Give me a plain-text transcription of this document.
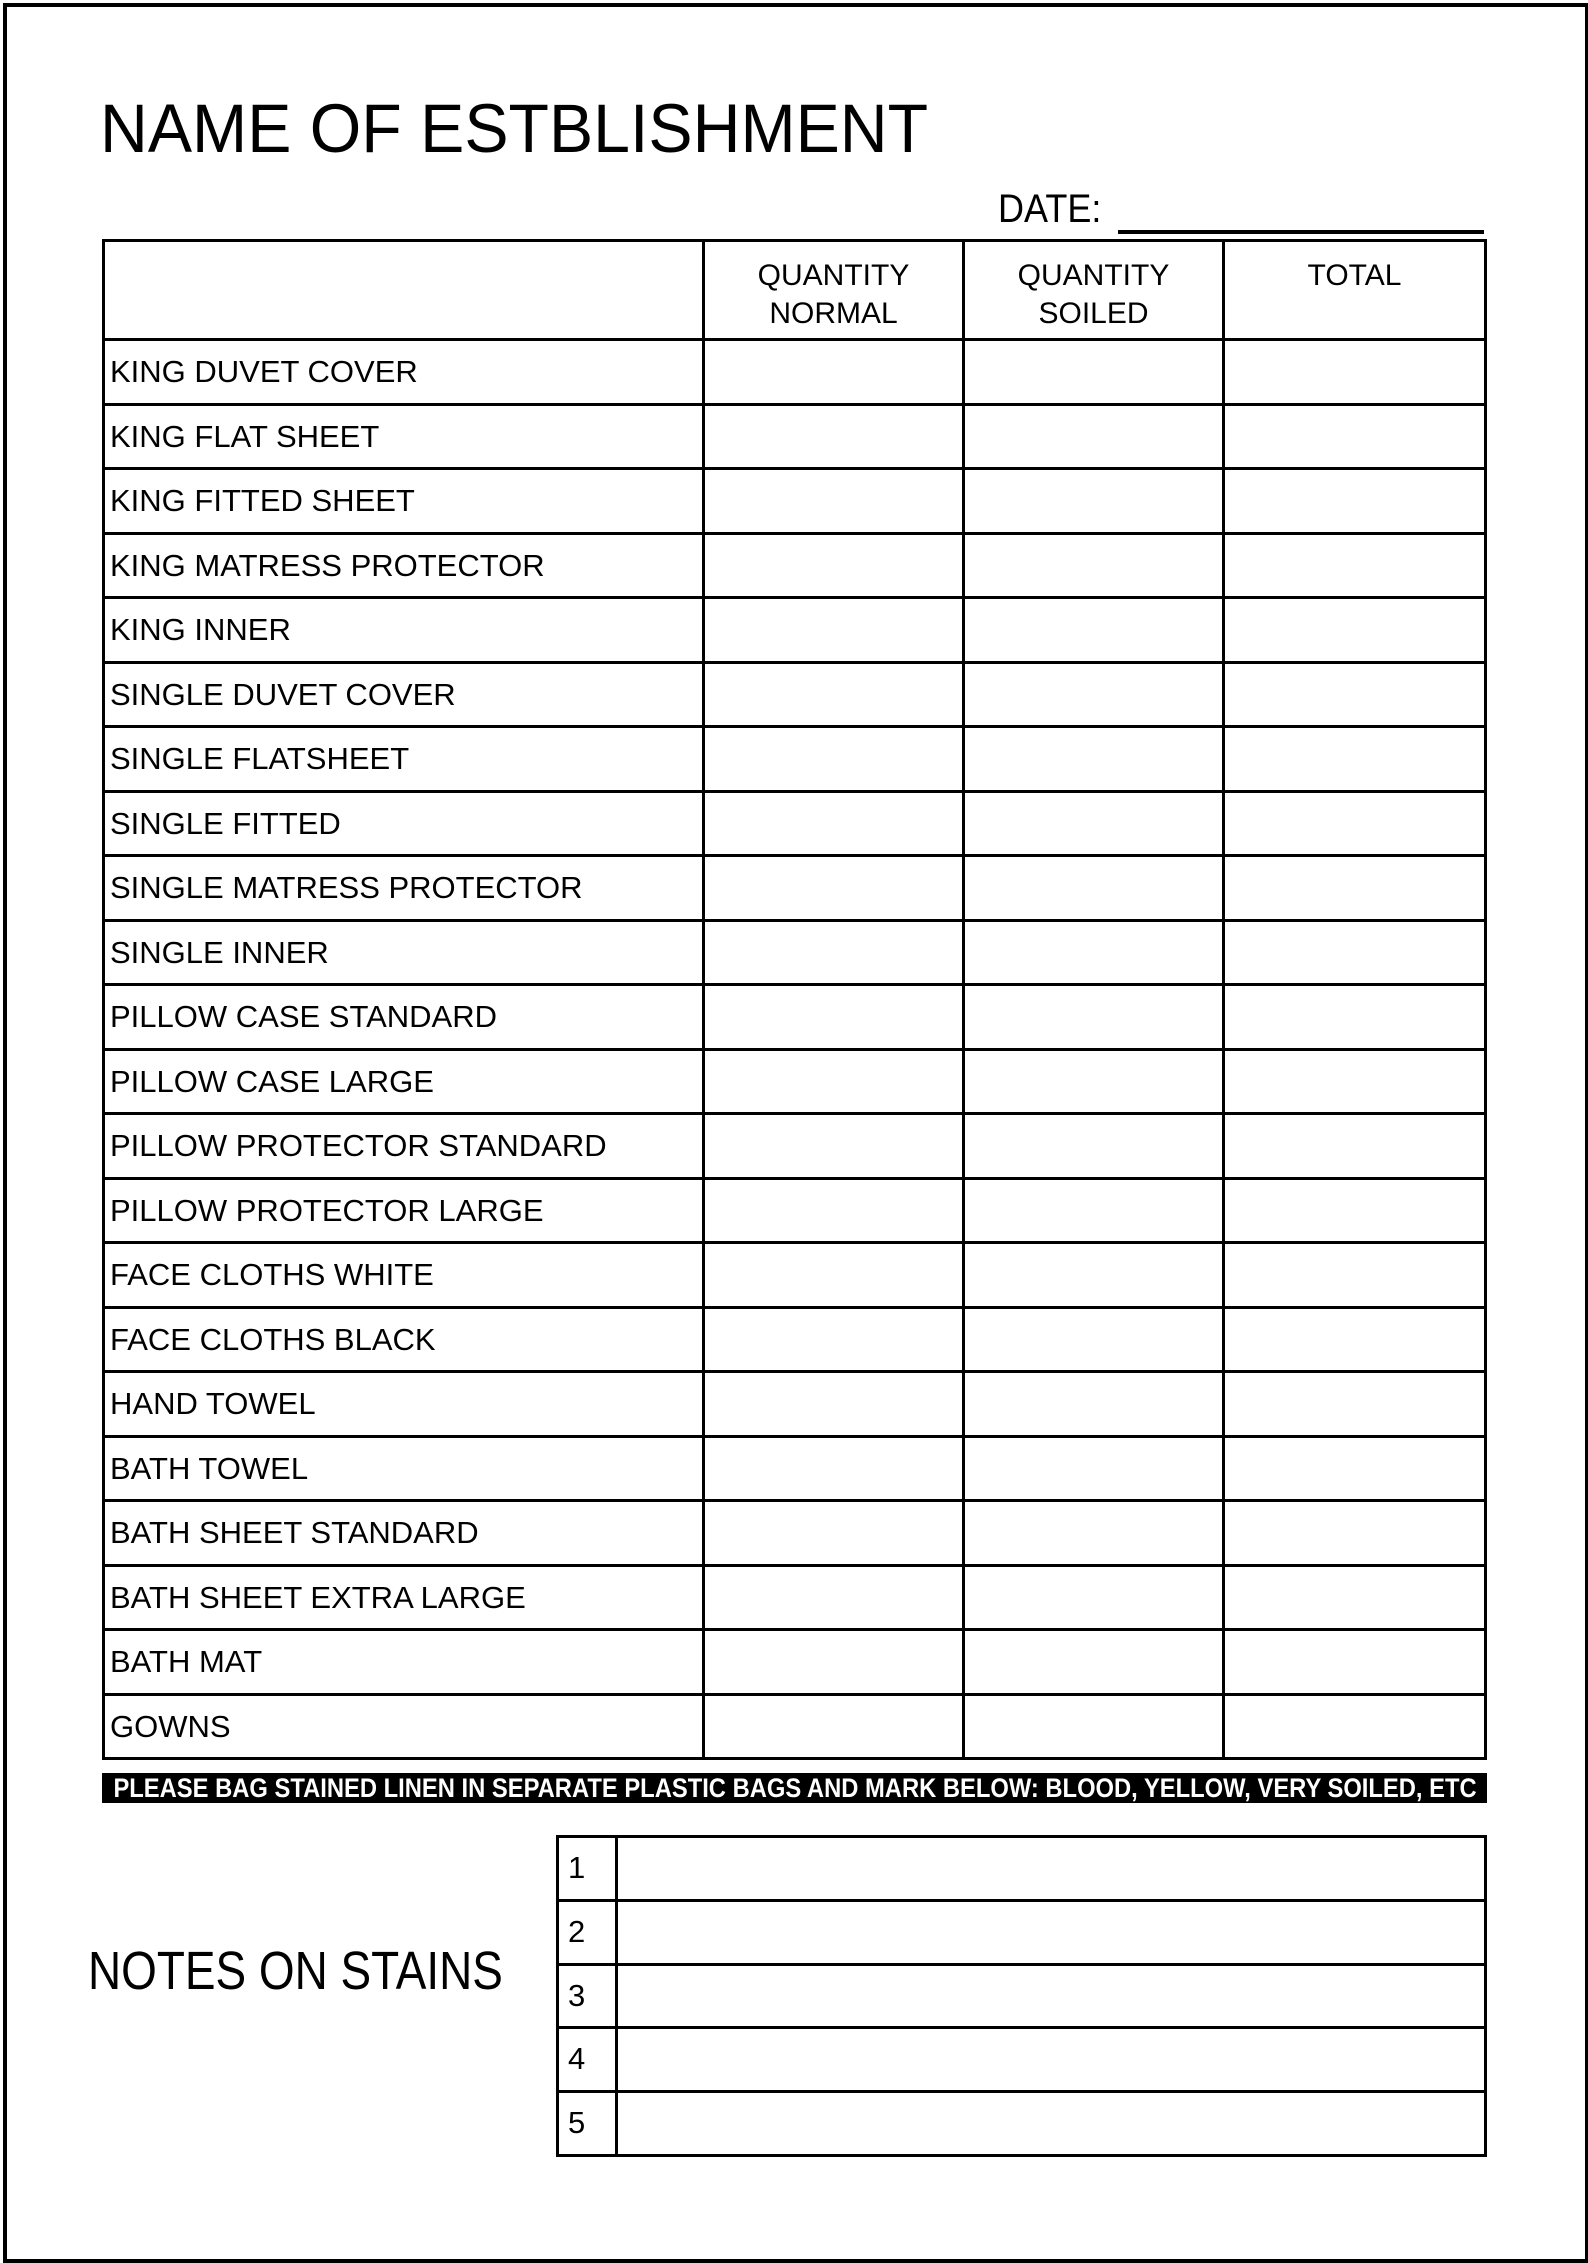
NAME OF ESTBLISHMENT
DATE:
QUANTITY NORMAL
QUANTITY SOILED
TOTAL
KING DUVET COVER
KING FLAT SHEET
KING FITTED SHEET
KING MATRESS PROTECTOR
KING INNER
SINGLE DUVET COVER
SINGLE FLATSHEET
SINGLE FITTED
SINGLE MATRESS PROTECTOR
SINGLE INNER
PILLOW CASE STANDARD
PILLOW CASE LARGE
PILLOW PROTECTOR STANDARD
PILLOW PROTECTOR LARGE
FACE CLOTHS WHITE
FACE CLOTHS BLACK
HAND TOWEL
BATH TOWEL
BATH SHEET STANDARD
BATH SHEET EXTRA LARGE
BATH MAT
GOWNS
PLEASE BAG STAINED LINEN IN SEPARATE PLASTIC BAGS AND MARK BELOW: BLOOD, YELLOW, VERY SOILED, ETC
NOTES ON STAINS
1
2
3
4
5
